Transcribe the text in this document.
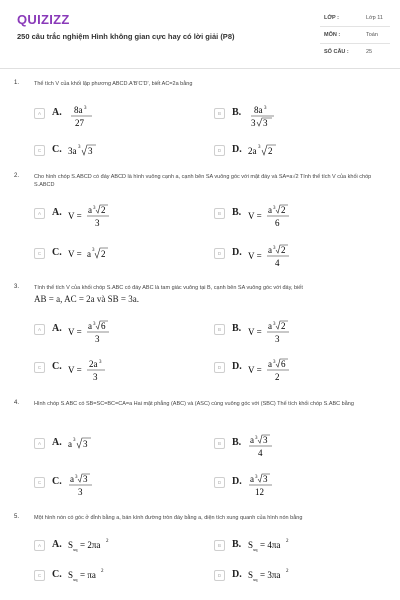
QUIZIZZ
250 câu trắc nghiệm Hình không gian cực hay có lời giải (P8)
LỚP :	Lớp 11
MÔN :	Toán
SỐ CÂU :	25
1.	Thể tích V của khối lập phương ABCD.A'B'C'D', biết AC=2a bằng
A	A. 8a 3
27
B	B. 8a 3
3 3
C	C. 3a 3 3	D	D. 2a 3 2
2.	Cho hình chóp S.ABCD có đáy ABCD là hình vuông cạnh a, cạnh bên SA vuông góc với mặt đáy và SA=a√2 Tính thể tích V của khối chóp S.ABCD
A	A. V =
a 3 2
3
B	B. V =
a 3 2
6
C	C. V = a 3 2	D	D. V =
a 3 2
4
3.	Tính thể tích V của khối chóp S.ABC có đáy ABC là tam giác vuông tại B, cạnh bên SA vuông góc với đáy, biết
AB = a, AC = 2a và SB = 3a.
A	A. V =
a 3 6
3
B	B. V =
a 3 2
3
C	C. V =
2a 3
3
D	D. V =
a 3 6
2
4.	Hình chóp S.ABC có SB=SC=BC=CA=a Hai mặt phẳng (ABC) và (ASC) cùng vuông góc với (SBC) Thể tích khối chóp S.ABC bằng
A	A. a 3 3	B	B. a 3 3
4
C	C. a 3 3
3
D	D. a 3 3
12
5.	Một hình nón có góc ở đỉnh bằng a, bán kính đường tròn đáy bằng a, diện tích xung quanh của hình nón bằng
A	A. S xq = 2πa 2
B	B. S xq = 4πa 2
C	C. S xq = πa 2
D	D. S xq = 3πa 2
